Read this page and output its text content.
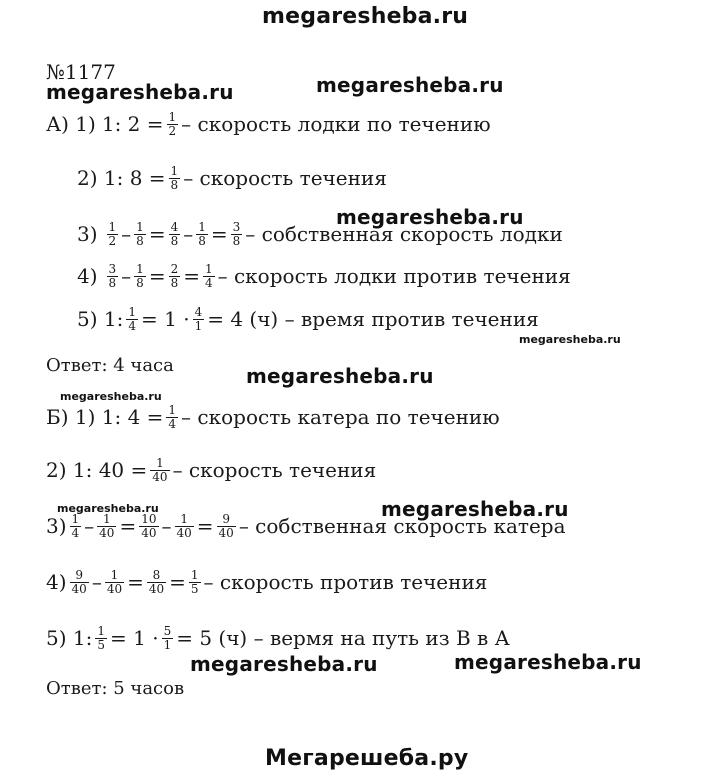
megaresheba.ru
Мегарешеба.ру
№1177
megaresheba.ru	megaresheba.ru
megaresheba.ru
megaresheba.ru
megaresheba.ru
megaresheba.ru
megaresheba.ru	megaresheba.ru
megaresheba.ru	megaresheba.ru
А) 1) 1: $2 = \frac{1}{2}$ – скорость лодки по течению
2) 1: $8 = \frac{1}{8}$ – скорость течения
$3) \frac{1}{2} - \frac{1}{8} = \frac{4}{8} - \frac{1}{8} = \frac{3}{8}$ – собственная скорость лодки
$4) \frac{3}{8} - \frac{1}{8} = \frac{2}{8} = \frac{1}{4}$ – скорость лодки против течения
5) 1: $\frac{1}{4} = 1 \cdot \frac{4}{1} = 4$ (ч) – время против течения
Ответ: 4 часа
Б) 1) 1: $4 = \frac{1}{4}$ – скорость катера по течению
2) 1: $40 = \frac{1}{40}$ – скорость течения
$3) \frac{1}{4} - \frac{1}{40} = \frac{10}{40} - \frac{1}{40} = \frac{9}{40}$ – собственная скорость катера
$4) \frac{9}{40} - \frac{1}{40} = \frac{8}{40} = \frac{1}{5}$ – скорость против течения
5) 1: $\frac{1}{5} = 1 \cdot \frac{5}{1} = 5$ (ч) – вермя на путь из В в А
Ответ: 5 часов
